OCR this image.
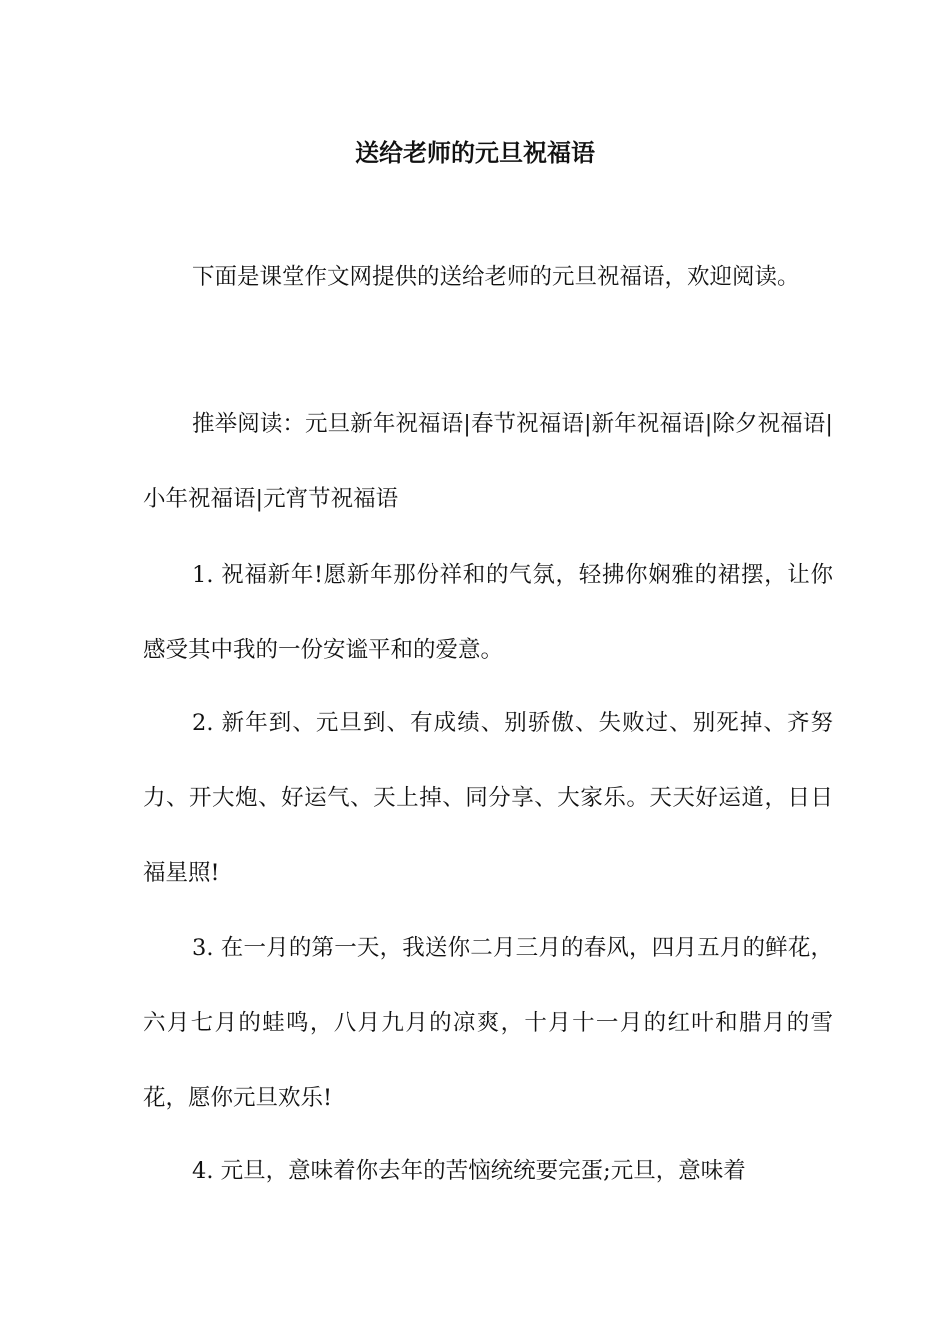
送给老师的元旦祝福语

下面是课堂作文网提供的送给老师的元旦祝福语，欢迎阅读。

推举阅读：元旦新年祝福语|春节祝福语|新年祝福语|除夕祝福语|小年祝福语|元宵节祝福语

1. 祝福新年!愿新年那份祥和的气氛，轻拂你娴雅的裙摆，让你感受其中我的一份安谧平和的爱意。

2. 新年到、元旦到、有成绩、别骄傲、失败过、别死掉、齐努力、开大炮、好运气、天上掉、同分享、大家乐。天天好运道，日日福星照!

3. 在一月的第一天，我送你二月三月的春风，四月五月的鲜花，六月七月的蛙鸣，八月九月的凉爽，十月十一月的红叶和腊月的雪花，愿你元旦欢乐!

4. 元旦，意味着你去年的苦恼统统要完蛋;元旦，意味着
